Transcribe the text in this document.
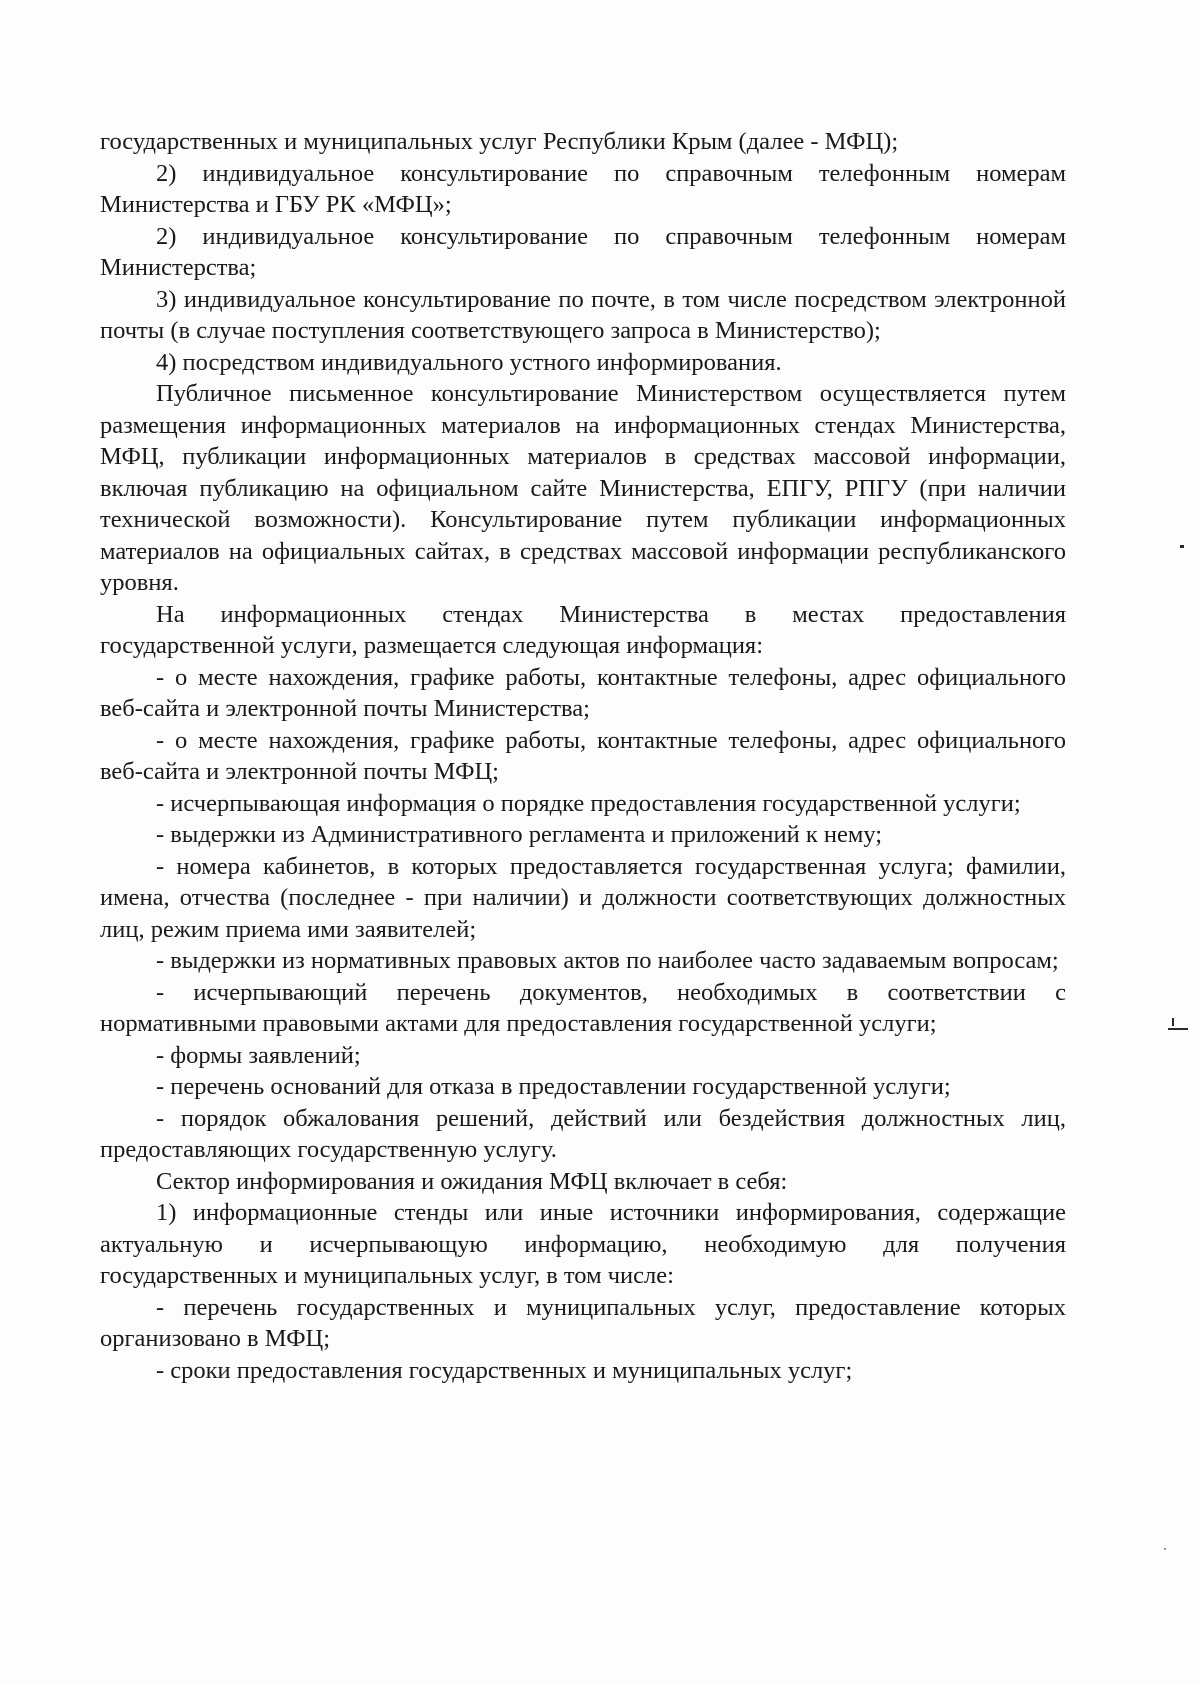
государственных и муниципальных услуг Республики Крым (далее - МФЦ);

2) индивидуальное консультирование по справочным телефонным номерам Министерства и ГБУ РК «МФЦ»;

2) индивидуальное консультирование по справочным телефонным номерам Министерства;

3) индивидуальное консультирование по почте, в том числе посредством электронной почты (в случае поступления соответствующего запроса в Министерство);

4) посредством индивидуального устного информирования.

Публичное письменное консультирование Министерством осуществляется путем размещения информационных материалов на информационных стендах Министерства, МФЦ, публикации информационных материалов в средствах массовой информации, включая публикацию на официальном сайте Министерства, ЕПГУ, РПГУ (при наличии технической возможности). Консультирование путем публикации информационных материалов на официальных сайтах, в средствах массовой информации республиканского уровня.

На информационных стендах Министерства в местах предоставления государственной услуги, размещается следующая информация:

- о месте нахождения, графике работы, контактные телефоны, адрес официального веб-сайта и электронной почты Министерства;

- о месте нахождения, графике работы, контактные телефоны, адрес официального веб-сайта и электронной почты МФЦ;

- исчерпывающая информация о порядке предоставления государственной услуги;

- выдержки из Административного регламента и приложений к нему;

- номера кабинетов, в которых предоставляется государственная услуга; фамилии, имена, отчества (последнее - при наличии) и должности соответствующих должностных лиц, режим приема ими заявителей;

- выдержки из нормативных правовых актов по наиболее часто задаваемым вопросам;

- исчерпывающий перечень документов, необходимых в соответствии с нормативными правовыми актами для предоставления государственной услуги;

- формы заявлений;

- перечень оснований для отказа в предоставлении государственной услуги;

- порядок обжалования решений, действий или бездействия должностных лиц, предоставляющих государственную услугу.

Сектор информирования и ожидания МФЦ включает в себя:

1) информационные стенды или иные источники информирования, содержащие актуальную и исчерпывающую информацию, необходимую для получения государственных и муниципальных услуг, в том числе:

- перечень государственных и муниципальных услуг, предоставление которых организовано в МФЦ;

- сроки предоставления государственных и муниципальных услуг;
